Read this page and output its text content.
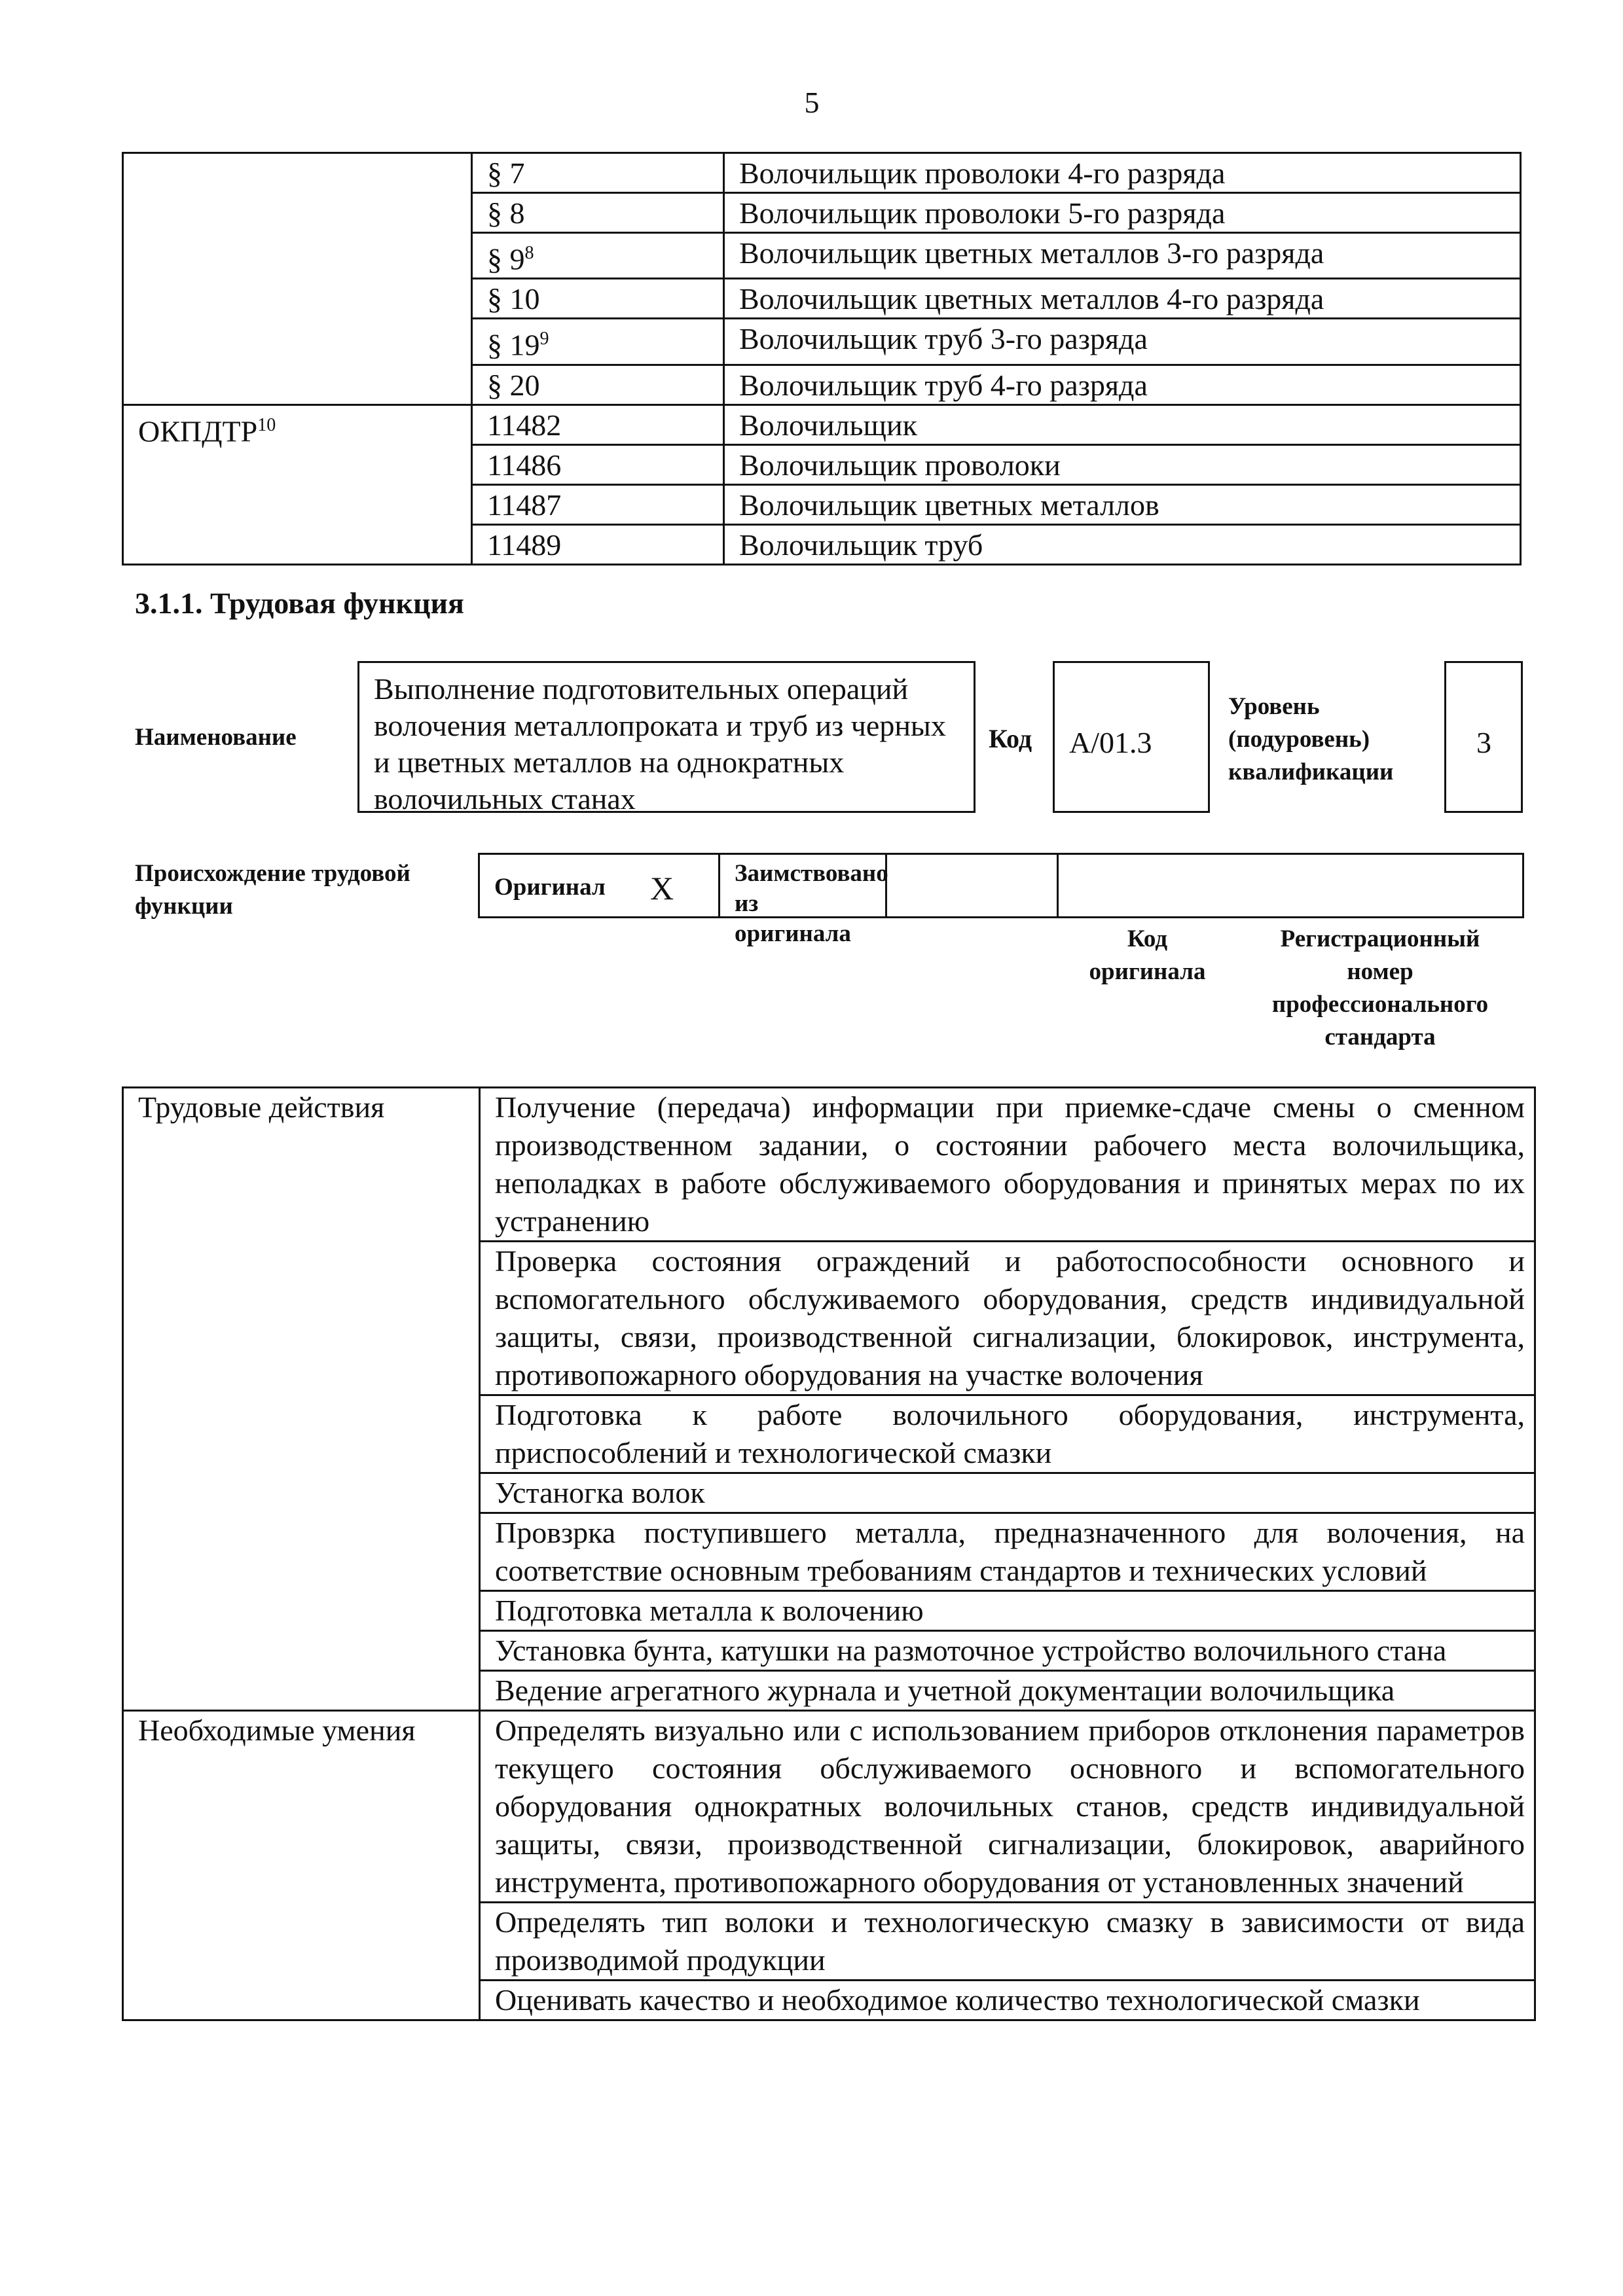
5
	§ 7	Волочильщик проволоки 4-го разряда
	§ 8	Волочильщик проволоки 5-го разряда
	§ $9^8$	Волочильщик цветных металлов 3-го разряда
	§ 10	Волочильщик цветных металлов 4-го разряда
	§ $19^9$	Волочильщик труб 3-го разряда
	§ 20	Волочильщик труб 4-го разряда
ОКПДТР$^{10}$	11482	Волочильщик
	11486	Волочильщик проволоки
	11487	Волочильщик цветных металлов
	11489	Волочильщик труб
3.1.1. Трудовая функция
Наименование
Выполнение подготовительных операций волочения металлопроката и труб из черных и цветных металлов на однократных волочильных станах
Код A/01.3
Уровень
(подуровень)
квалификации
3
Происхождение трудовой
функции
Оригинал X	Заимствовано из
оригинала	Код
оригинала
Регистрационный
номер
профессионального
стандарта
Трудовые действия	Получение (передача) информации при приемке-сдаче смены о сменном производственном задании, о состоянии рабочего места волочильщика, неполадках в работе обслуживаемого оборудования и принятых мерах по их устранению
	Проверка состояния ограждений и работоспособности основного и вспомогательного обслуживаемого оборудования, средств индивидуальной защиты, связи, производственной сигнализации, блокировок, инструмента, противопожарного оборудования на участке волочения
	Подготовка к работе волочильного оборудования, инструмента, приспособлений и технологической смазки
	Устаногка волок
	Провзрка поступившего металла, предназначенного для волочения, на соответствие основным требованиям стандартов и технических условий
	Подготовка металла к волочению
	Установка бунта, катушки на размоточное устройство волочильного стана
	Ведение агрегатного журнала и учетной документации волочильщика
Необходимые умения	Определять визуально или с использованием приборов отклонения параметров текущего состояния обслуживаемого основного и вспомогательного оборудования однократных волочильных станов, средств индивидуальной защиты, связи, производственной сигнализации, блокировок, аварийного инструмента, противопожарного оборудования от установленных значений
	Определять тип волоки и технологическую смазку в зависимости от вида производимой продукции
	Оценивать качество и необходимое количество технологической смазки
